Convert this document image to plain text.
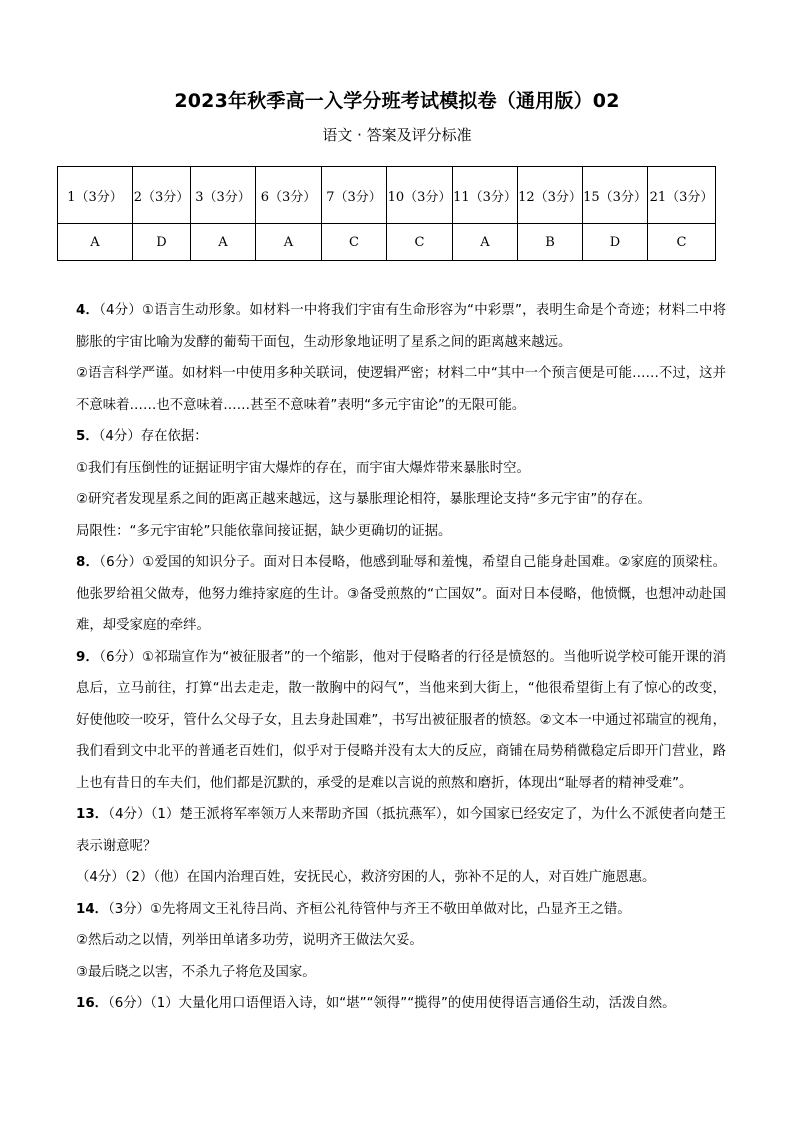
2023年秋季高一入学分班考试模拟卷（通用版）02
语文 · 答案及评分标准
1（3分）	2（3分）	3（3分）	6（3分）	7（3分）	10（3分）	11（3分）	12（3分）	15（3分）	21（3分）
A	D	A	A	C	C	A	B	D	C
4．（4分）①语言生动形象。如材料一中将我们宇宙有生命形容为“中彩票”，表明生命是个奇迹；材料二中将膨胀的宇宙比喻为发酵的葡萄干面包，生动形象地证明了星系之间的距离越来越远。
②语言科学严谨。如材料一中使用多种关联词，使逻辑严密；材料二中“其中一个预言便是可能……不过，这并不意味着……也不意味着……甚至不意味着”表明“多元宇宙论”的无限可能。
5．（4分）存在依据：
①我们有压倒性的证据证明宇宙大爆炸的存在，而宇宙大爆炸带来暴胀时空。
②研究者发现星系之间的距离正越来越远，这与暴胀理论相符，暴胀理论支持“多元宇宙”的存在。
局限性：“多元宇宙轮”只能依靠间接证据，缺少更确切的证据。
8．（6分）①爱国的知识分子。面对日本侵略，他感到耻辱和羞愧，希望自己能身赴国难。②家庭的顶梁柱。他张罗给祖父做寿，他努力维持家庭的生计。③备受煎熬的“亡国奴”。面对日本侵略，他愤慨，也想冲动赴国难，却受家庭的牵绊。
9．（6分）①祁瑞宣作为“被征服者”的一个缩影，他对于侵略者的行径是愤怒的。当他听说学校可能开课的消息后，立马前往，打算“出去走走，散一散胸中的闷气”，当他来到大街上，“他很希望街上有了惊心的改变，好使他咬一咬牙，管什么父母子女，且去身赴国难”，书写出被征服者的愤怒。②文本一中通过祁瑞宣的视角，我们看到文中北平的普通老百姓们，似乎对于侵略并没有太大的反应，商铺在局势稍微稳定后即开门营业，路上也有昔日的车夫们，他们都是沉默的，承受的是难以言说的煎熬和磨折，体现出“耻辱者的精神受难”。
13．（4分）（1）楚王派将军率领万人来帮助齐国（抵抗燕军），如今国家已经安定了，为什么不派使者向楚王表示谢意呢？
（4分）（2）（他）在国内治理百姓，安抚民心，救济穷困的人，弥补不足的人，对百姓广施恩惠。
14．（3分）①先将周文王礼待吕尚、齐桓公礼待管仲与齐王不敬田单做对比，凸显齐王之错。
②然后动之以情，列举田单诸多功劳，说明齐王做法欠妥。
③最后晓之以害，不杀九子将危及国家。
16．（6分）（1）大量化用口语俚语入诗，如“堪”“领得”“揽得”的使用使得语言通俗生动，活泼自然。
